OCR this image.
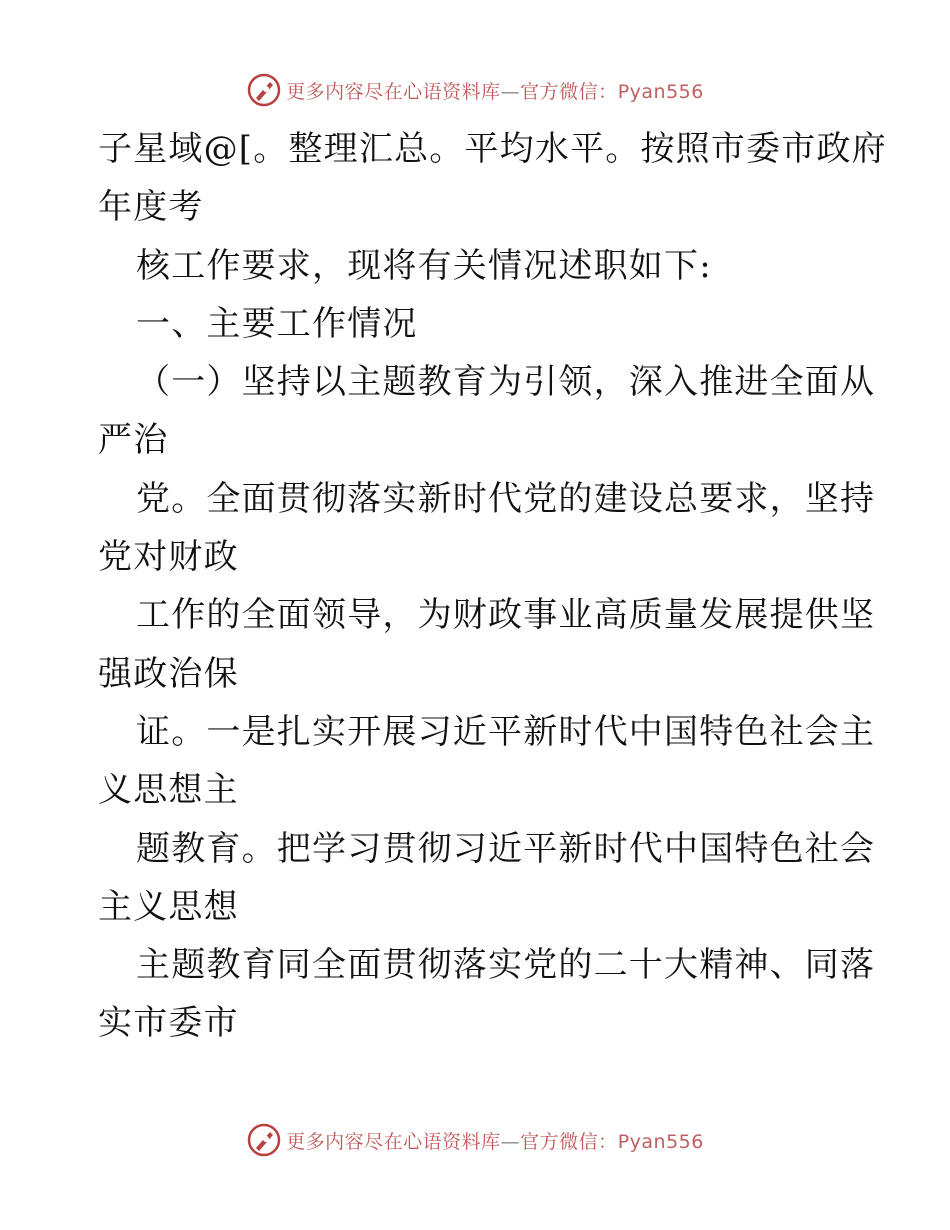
更多内容尽在心语资料库—官方微信：Pyan556
子星域@[。整理汇总。平均水平。按照市委市政府
年度考
核工作要求，现将有关情况述职如下:
一、主要工作情况
（一）坚持以主题教育为引领，深入推进全面从
严治
党。全面贯彻落实新时代党的建设总要求，坚持
党对财政
工作的全面领导，为财政事业高质量发展提供坚
强政治保
证。一是扎实开展习近平新时代中国特色社会主
义思想主
题教育。把学习贯彻习近平新时代中国特色社会
主义思想
主题教育同全面贯彻落实党的二十大精神、同落
实市委市
更多内容尽在心语资料库—官方微信：Pyan556
